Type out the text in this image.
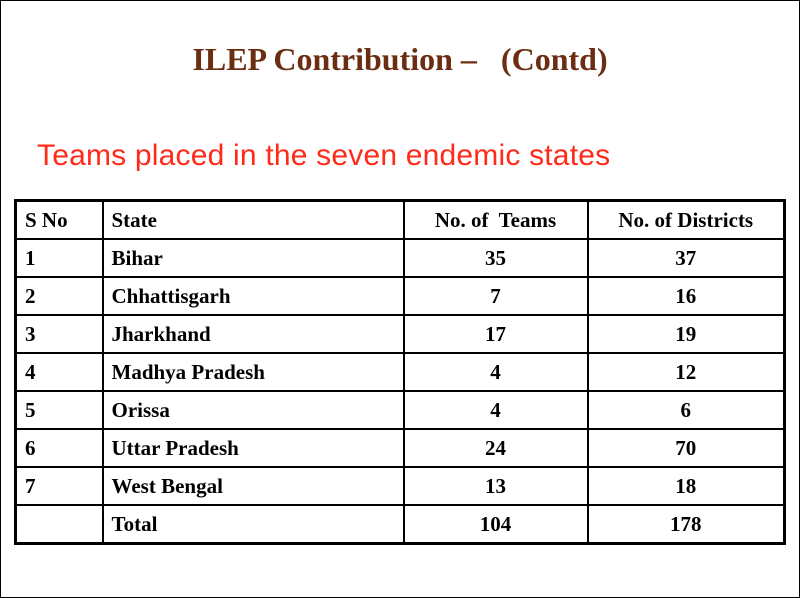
ILEP Contribution –   (Contd)
Teams placed in the seven endemic states
S No	State	No. of  Teams	No. of Districts
1	Bihar	35	37
2	Chhattisgarh	7	16
3	Jharkhand	17	19
4	Madhya Pradesh	4	12
5	Orissa	4	6
6	Uttar Pradesh	24	70
7	West Bengal	13	18
	Total	104	178
